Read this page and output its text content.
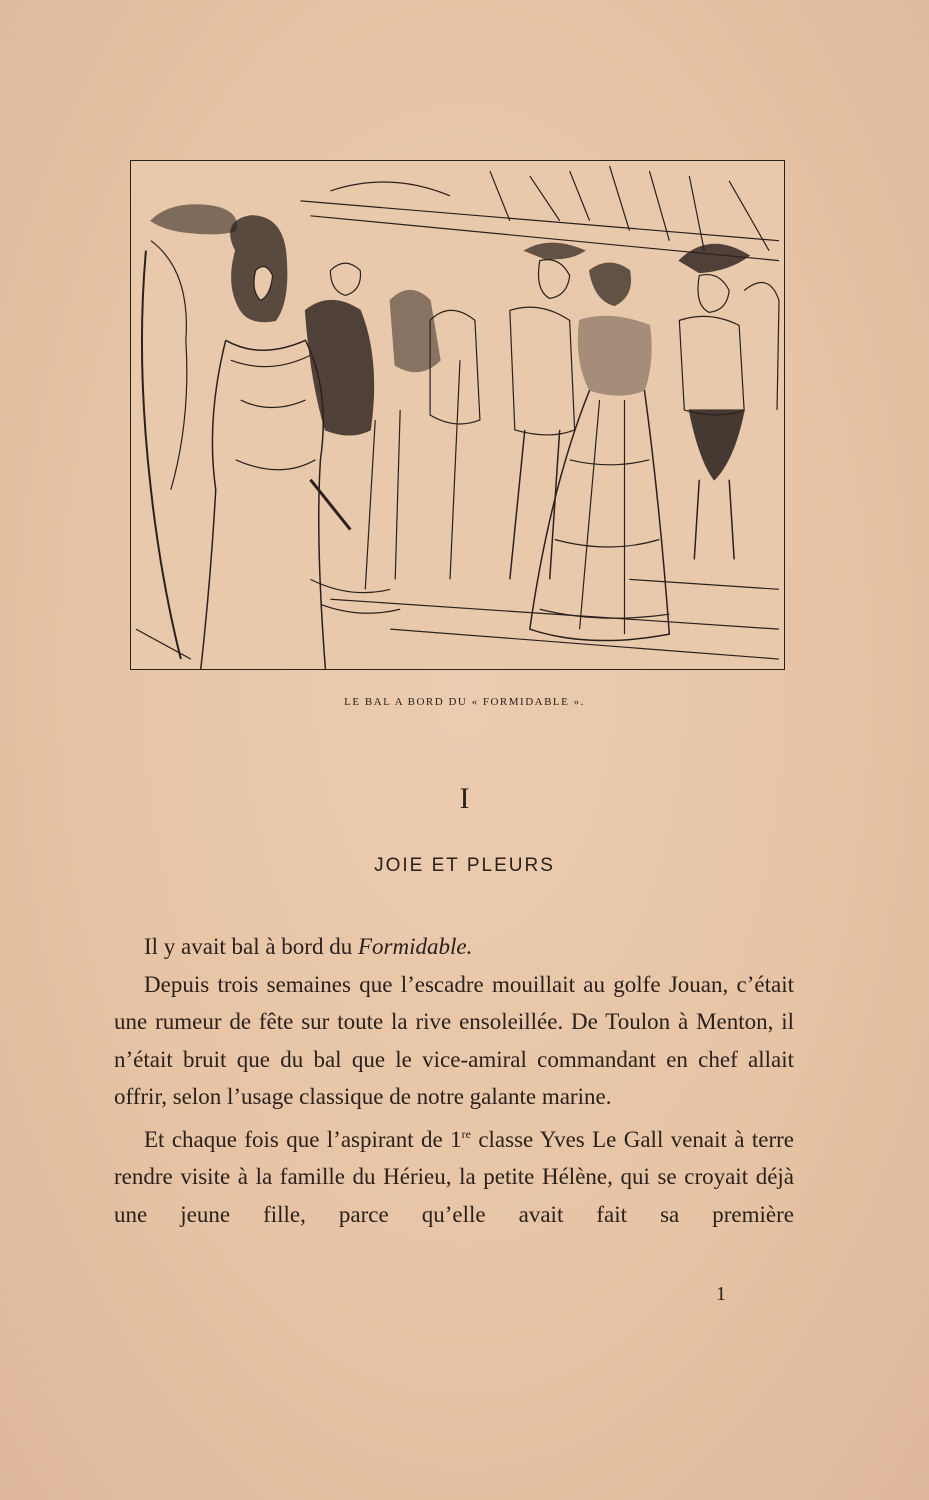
LE BAL A BORD DU « FORMIDABLE ».
I
JOIE ET PLEURS

Il y avait bal à bord du Formidable.

Depuis trois semaines que l’escadre mouillait au golfe Jouan, c’était une rumeur de fête sur toute la rive ensoleillée. De Toulon à Menton, il n’était bruit que du bal que le vice-amiral commandant en chef allait offrir, selon l’usage classique de notre galante marine.

Et chaque fois que l’aspirant de 1re classe Yves Le Gall venait à terre rendre visite à la famille du Hérieu, la petite Hélène, qui se croyait déjà une jeune fille, parce qu’elle avait fait sa première

1
